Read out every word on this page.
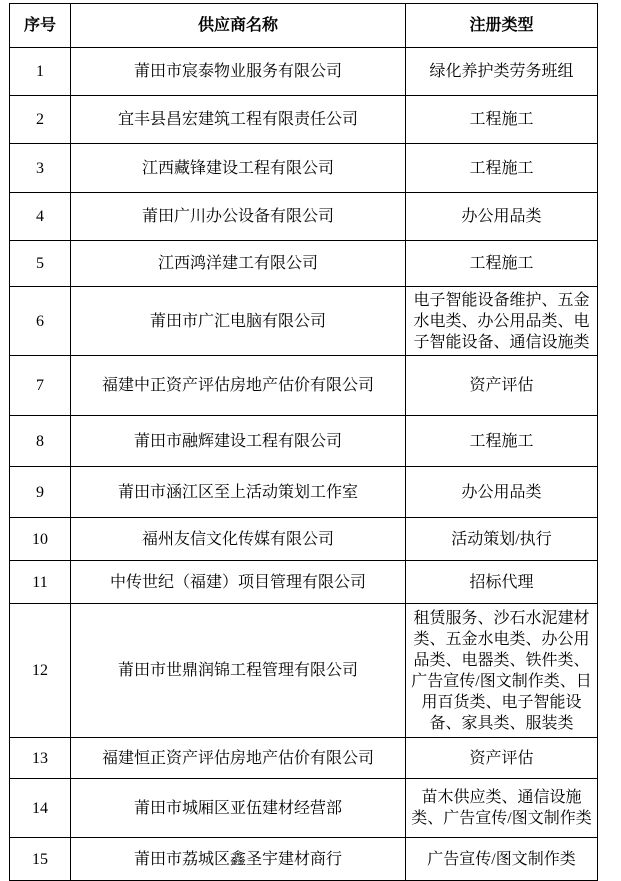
序号	供应商名称	注册类型
1	莆田市宸泰物业服务有限公司	绿化养护类劳务班组
2	宜丰县昌宏建筑工程有限责任公司	工程施工
3	江西藏锋建设工程有限公司	工程施工
4	莆田广川办公设备有限公司	办公用品类
5	江西鸿洋建工有限公司	工程施工
6	莆田市广汇电脑有限公司	电子智能设备维护、五金水电类、办公用品类、电子智能设备、通信设施类
7	福建中正资产评估房地产估价有限公司	资产评估
8	莆田市融辉建设工程有限公司	工程施工
9	莆田市涵江区至上活动策划工作室	办公用品类
10	福州友信文化传媒有限公司	活动策划/执行
11	中传世纪（福建）项目管理有限公司	招标代理
12	莆田市世鼎润锦工程管理有限公司	租赁服务、沙石水泥建材类、五金水电类、办公用品类、电器类、铁件类、广告宣传/图文制作类、日用百货类、电子智能设备、家具类、服装类
13	福建恒正资产评估房地产估价有限公司	资产评估
14	莆田市城厢区亚伍建材经营部	苗木供应类、通信设施类、广告宣传/图文制作类
15	莆田市荔城区鑫圣宇建材商行	广告宣传/图文制作类
